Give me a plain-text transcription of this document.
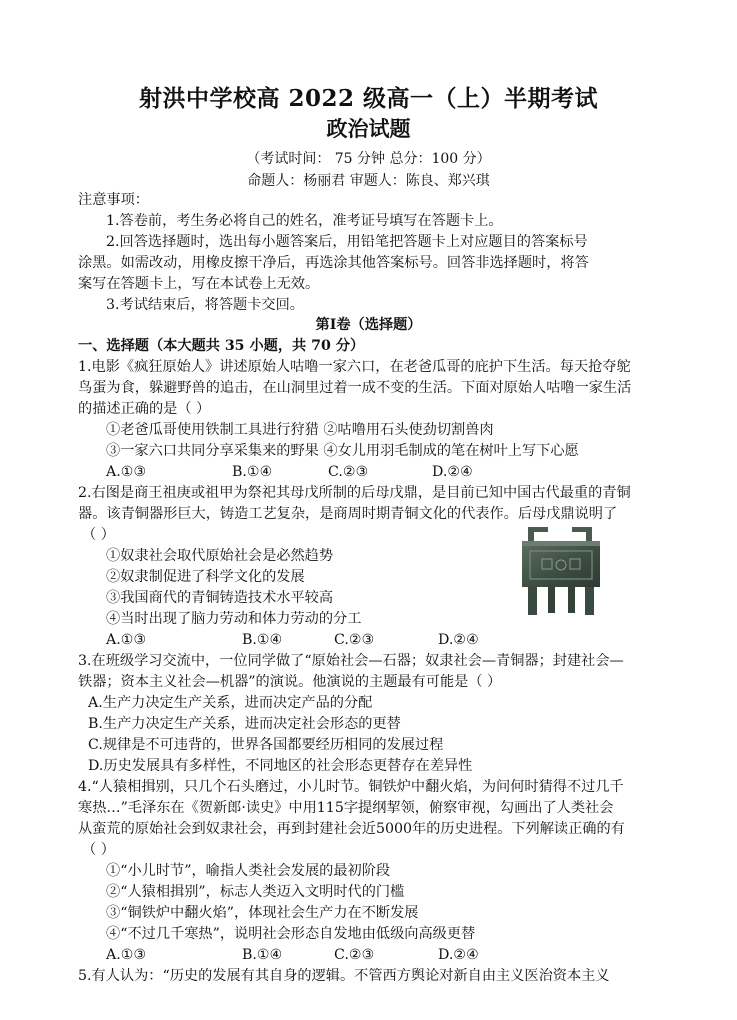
射洪中学校高 2022 级高一（上）半期考试
政治试题
（考试时间： 75 分钟 总分：100 分）
命题人：杨丽君 审题人：陈良、郑兴琪
注意事项：
1.答卷前，考生务必将自己的姓名，准考证号填写在答题卡上。
2.回答选择题时，选出每小题答案后，用铅笔把答题卡上对应题目的答案标号
涂黑。如需改动，用橡皮擦干净后，再选涂其他答案标号。回答非选择题时，将答
案写在答题卡上，写在本试卷上无效。
3.考试结束后，将答题卡交回。
第Ⅰ卷（选择题）
一、选择题（本大题共 35 小题，共 70 分）
1.电影《疯狂原始人》讲述原始人咕噜一家六口，在老爸瓜哥的庇护下生活。每天抢夺鸵
鸟蛋为食，躲避野兽的追击，在山洞里过着一成不变的生活。下面对原始人咕噜一家生活
的描述正确的是（ ）
①老爸瓜哥使用铁制工具进行狩猎 ②咕噜用石头使劲切割兽肉
③一家六口共同分享采集来的野果 ④女儿用羽毛制成的笔在树叶上写下心愿
A.①③	B.①④	C.②③	D.②④
2.右图是商王祖庚或祖甲为祭祀其母戊所制的后母戊鼎，是目前已知中国古代最重的青铜
器。该青铜器形巨大，铸造工艺复杂，是商周时期青铜文化的代表作。后母戊鼎说明了
（ ）
①奴隶社会取代原始社会是必然趋势
②奴隶制促进了科学文化的发展
③我国商代的青铜铸造技术水平较高
④当时出现了脑力劳动和体力劳动的分工
A.①③	B.①④	C.②③	D.②④
3.在班级学习交流中，一位同学做了“原始社会—石器；奴隶社会—青铜器；封建社会—
铁器；资本主义社会—机器”的演说。他演说的主题最有可能是（ ）
A.生产力决定生产关系，进而决定产品的分配
B.生产力决定生产关系，进而决定社会形态的更替
C.规律是不可违背的，世界各国都要经历相同的发展过程
D.历史发展具有多样性，不同地区的社会形态更替存在差异性
4.“人猿相揖别，只几个石头磨过，小儿时节。铜铁炉中翻火焰，为问何时猜得不过几千
寒热…”毛泽东在《贺新郎·读史》中用115字提纲挈领，俯察审视，勾画出了人类社会
从蛮荒的原始社会到奴隶社会，再到封建社会近5000年的历史进程。下列解读正确的有
（ ）
①“小儿时节”，喻指人类社会发展的最初阶段
②“人猿相揖别”，标志人类迈入文明时代的门槛
③“铜铁炉中翻火焰”，体现社会生产力在不断发展
④“不过几千寒热”，说明社会形态自发地由低级向高级更替
A.①③	B.①④	C.②③	D.②④
5.有人认为：“历史的发展有其自身的逻辑。不管西方舆论对新自由主义医治资本主义
